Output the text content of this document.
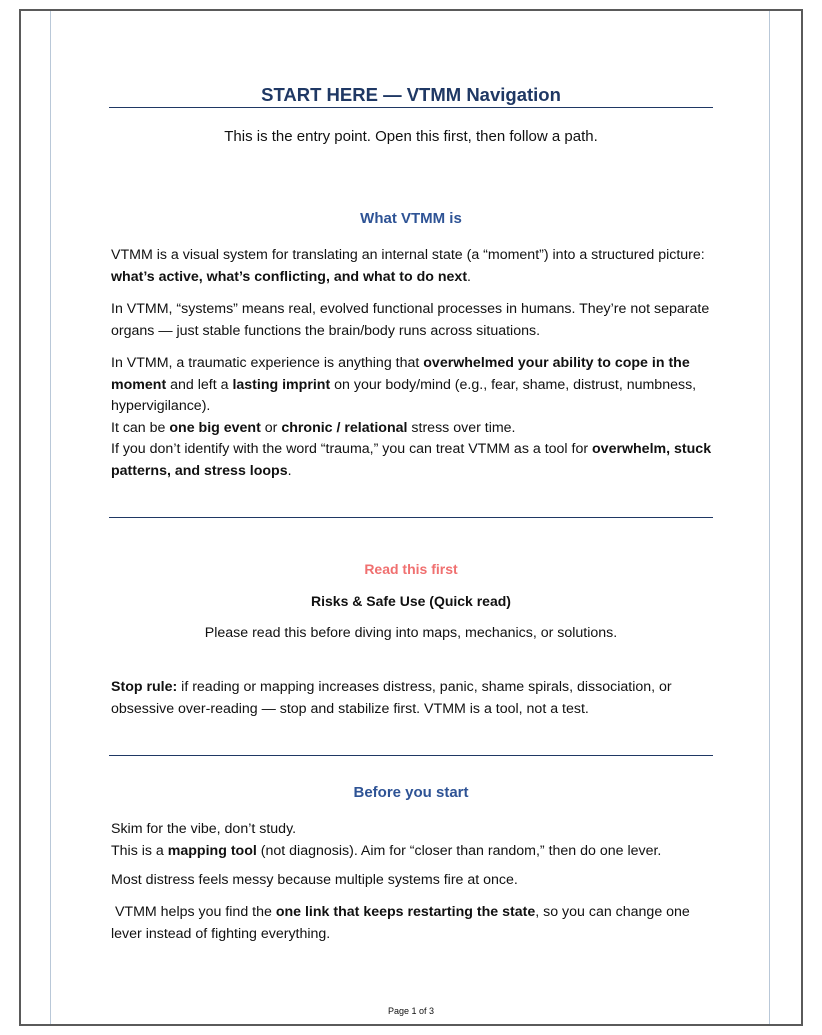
START HERE — VTMM Navigation
This is the entry point. Open this first, then follow a path.
What VTMM is
VTMM is a visual system for translating an internal state (a “moment”) into a structured picture: what’s active, what’s conflicting, and what to do next.
In VTMM, “systems” means real, evolved functional processes in humans. They’re not separate organs — just stable functions the brain/body runs across situations.
In VTMM, a traumatic experience is anything that overwhelmed your ability to cope in the moment and left a lasting imprint on your body/mind (e.g., fear, shame, distrust, numbness, hypervigilance).
It can be one big event or chronic / relational stress over time.
If you don’t identify with the word “trauma,” you can treat VTMM as a tool for overwhelm, stuck patterns, and stress loops.
Read this first
Risks & Safe Use (Quick read)
Please read this before diving into maps, mechanics, or solutions.
Stop rule: if reading or mapping increases distress, panic, shame spirals, dissociation, or obsessive over-reading — stop and stabilize first. VTMM is a tool, not a test.
Before you start
Skim for the vibe, don’t study.
This is a mapping tool (not diagnosis). Aim for “closer than random,” then do one lever.
Most distress feels messy because multiple systems fire at once.
VTMM helps you find the one link that keeps restarting the state, so you can change one lever instead of fighting everything.
Page 1 of 3
